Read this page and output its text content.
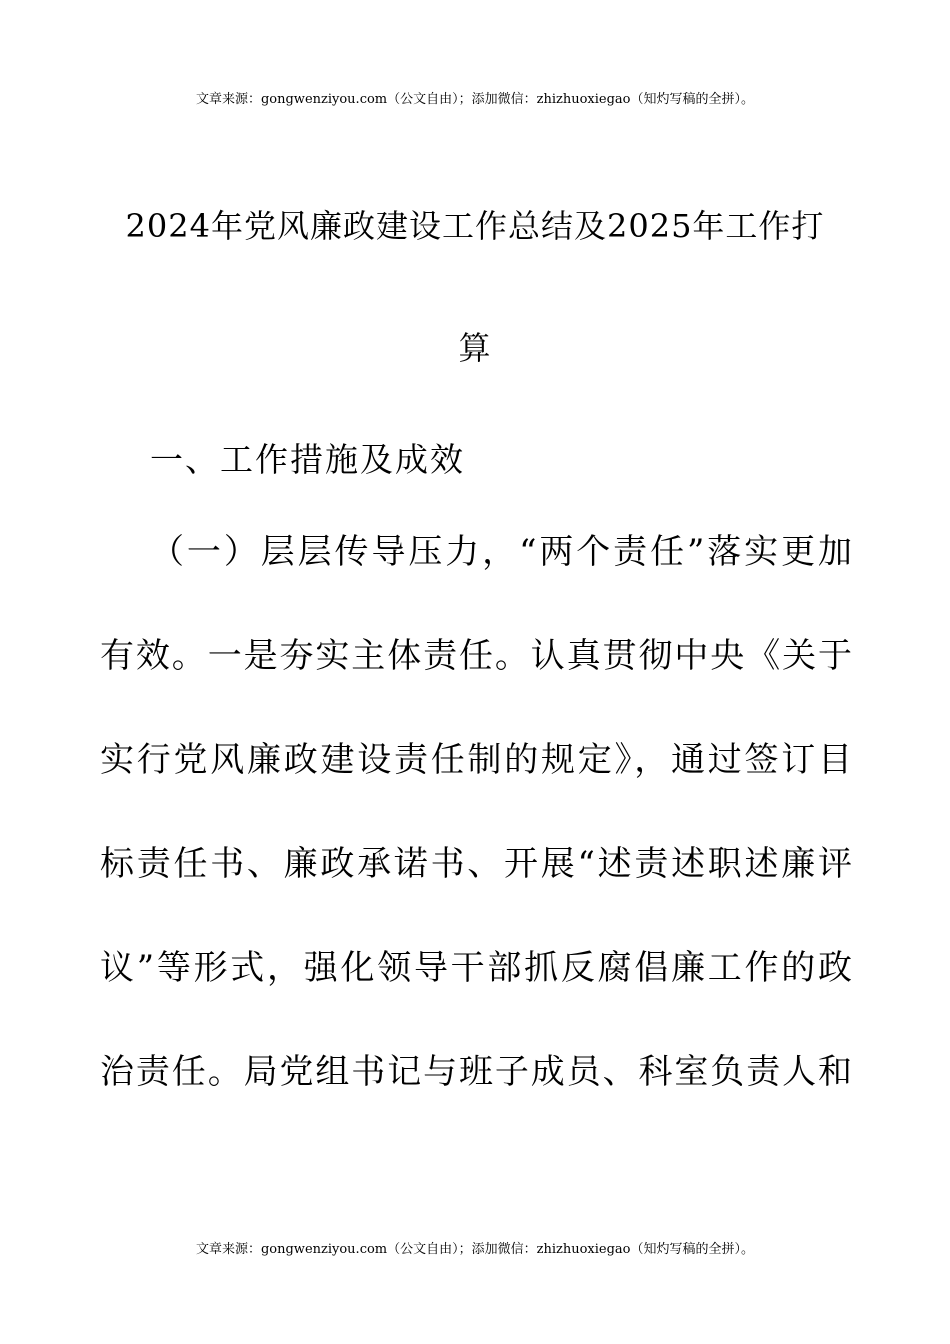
文章来源：gongwenziyou.com（公文自由）；添加微信：zhizhuoxiegao（知灼写稿的全拼）。
2024年党风廉政建设工作总结及2025年工作打
算
一、工作措施及成效
（一）层层传导压力，“两个责任”落实更加
有效。一是夯实主体责任。认真贯彻中央《关于
实行党风廉政建设责任制的规定》，通过签订目
标责任书、廉政承诺书、开展“述责述职述廉评
议”等形式，强化领导干部抓反腐倡廉工作的政
治责任。局党组书记与班子成员、科室负责人和
文章来源：gongwenziyou.com（公文自由）；添加微信：zhizhuoxiegao（知灼写稿的全拼）。
